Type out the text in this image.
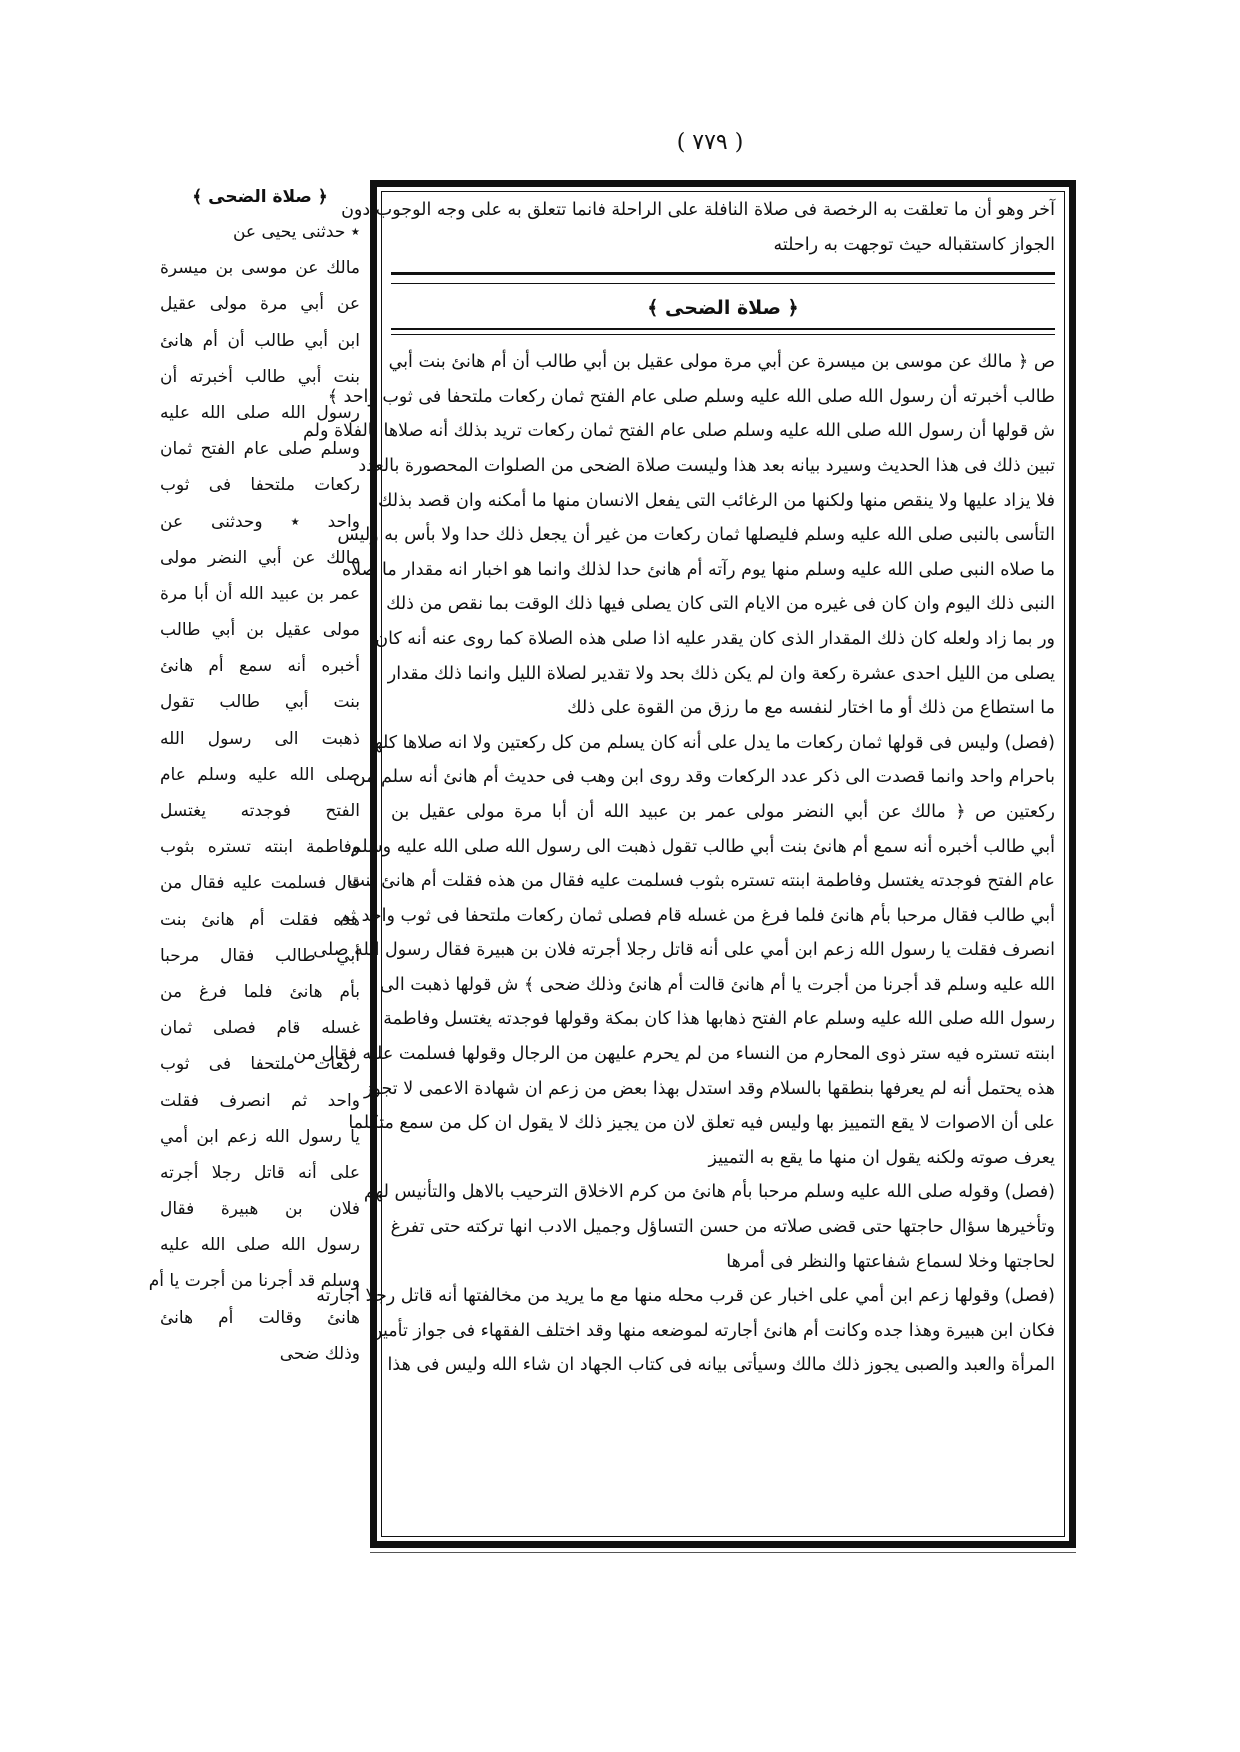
( ٧٧٩ )
آخر وهو أن ما تعلقت به الرخصة فى صلاة النافلة على الراحلة فانما تتعلق به على وجه الوجوب دون
الجواز كاستقباله حيث توجهت به راحلته
﴿ صلاة الضحى ﴾
ص ﴿ مالك عن موسى بن ميسرة عن أبي مرة مولى عقيل بن أبي طالب أن أم هانئ بنت أبي
طالب أخبرته أن رسول الله صلى الله عليه وسلم صلى عام الفتح ثمان ركعات ملتحفا فى ثوب واحد ﴾
ش قولها أن رسول الله صلى الله عليه وسلم صلى عام الفتح ثمان ركعات تريد بذلك أنه صلاها بالفلاة ولم
تبين ذلك فى هذا الحديث وسيرد بيانه بعد هذا وليست صلاة الضحى من الصلوات المحصورة بالعدد
فلا يزاد عليها ولا ينقص منها ولكنها من الرغائب التى يفعل الانسان منها ما أمكنه وان قصد بذلك
التأسى بالنبى صلى الله عليه وسلم فليصلها ثمان ركعات من غير أن يجعل ذلك حدا ولا بأس به وليس
ما صلاه النبى صلى الله عليه وسلم منها يوم رآته أم هانئ حدا لذلك وانما هو اخبار انه مقدار ما صلاه
النبى ذلك اليوم وان كان فى غيره من الايام التى كان يصلى فيها ذلك الوقت بما نقص من ذلك
ور بما زاد ولعله كان ذلك المقدار الذى كان يقدر عليه اذا صلى هذه الصلاة كما روى عنه أنه كان
يصلى من الليل احدى عشرة ركعة وان لم يكن ذلك بحد ولا تقدير لصلاة الليل وانما ذلك مقدار
ما استطاع من ذلك أو ما اختار لنفسه مع ما رزق من القوة على ذلك
(فصل) وليس فى قولها ثمان ركعات ما يدل على أنه كان يسلم من كل ركعتين ولا انه صلاها كلها
باحرام واحد وانما قصدت الى ذكر عدد الركعات وقد روى ابن وهب فى حديث أم هانئ أنه سلم من
ركعتين ص ﴿ مالك عن أبي النضر مولى عمر بن عبيد الله أن أبا مرة مولى عقيل بن
أبي طالب أخبره أنه سمع أم هانئ بنت أبي طالب تقول ذهبت الى رسول الله صلى الله عليه وسلم
عام الفتح فوجدته يغتسل وفاطمة ابنته تستره بثوب فسلمت عليه فقال من هذه فقلت أم هانئ بنت
أبي طالب فقال مرحبا بأم هانئ فلما فرغ من غسله قام فصلى ثمان ركعات ملتحفا فى ثوب واحد ثم
انصرف فقلت يا رسول الله زعم ابن أمي على أنه قاتل رجلا أجرته فلان بن هبيرة فقال رسول الله صلى
الله عليه وسلم قد أجرنا من أجرت يا أم هانئ قالت أم هانئ وذلك ضحى ﴾ ش قولها ذهبت الى
رسول الله صلى الله عليه وسلم عام الفتح ذهابها هذا كان بمكة وقولها فوجدته يغتسل وفاطمة
ابنته تستره فيه ستر ذوى المحارم من النساء من لم يحرم عليهن من الرجال وقولها فسلمت عليه فقال من
هذه يحتمل أنه لم يعرفها بنطقها بالسلام وقد استدل بهذا بعض من زعم ان شهادة الاعمى لا تجوز
على أن الاصوات لا يقع التمييز بها وليس فيه تعلق لان من يجيز ذلك لا يقول ان كل من سمع متكلما
يعرف صوته ولكنه يقول ان منها ما يقع به التمييز
(فصل) وقوله صلى الله عليه وسلم مرحبا بأم هانئ من كرم الاخلاق الترحيب بالاهل والتأنيس لهم
وتأخيرها سؤال حاجتها حتى قضى صلاته من حسن التساؤل وجميل الادب انها تركته حتى تفرغ
لحاجتها وخلا لسماع شفاعتها والنظر فى أمرها
(فصل) وقولها زعم ابن أمي على اخبار عن قرب محله منها مع ما يريد من مخالفتها أنه قاتل رجلا أجارته
فكان ابن هبيرة وهذا جده وكانت أم هانئ أجارته لموضعه منها وقد اختلف الفقهاء فى جواز تأمين
المرأة والعبد والصبى يجوز ذلك مالك وسيأتى بيانه فى كتاب الجهاد ان شاء الله وليس فى هذا
﴿ صلاة الضحى ﴾
٭ حدثنى يحيى عن
مالك عن موسى بن ميسرة
عن أبي مرة مولى عقيل
ابن أبي طالب أن أم هانئ
بنت أبي طالب أخبرته أن
رسول الله صلى الله عليه
وسلم صلى عام الفتح ثمان
ركعات ملتحفا فى ثوب
واحد ٭ وحدثنى عن
مالك عن أبي النضر مولى
عمر بن عبيد الله أن أبا مرة
مولى عقيل بن أبي طالب
أخبره أنه سمع أم هانئ
بنت أبي طالب تقول
ذهبت الى رسول الله
صلى الله عليه وسلم عام
الفتح فوجدته يغتسل
وفاطمة ابنته تستره بثوب
قال فسلمت عليه فقال من
هذه فقلت أم هانئ بنت
أبي طالب فقال مرحبا
بأم هانئ فلما فرغ من
غسله قام فصلى ثمان
ركعات ملتحفا فى ثوب
واحد ثم انصرف فقلت
يا رسول الله زعم ابن أمي
على أنه قاتل رجلا أجرته
فلان بن هبيرة فقال
رسول الله صلى الله عليه
وسلم قد أجرنا من أجرت يا أم
هانئ وقالت أم هانئ
وذلك ضحى
